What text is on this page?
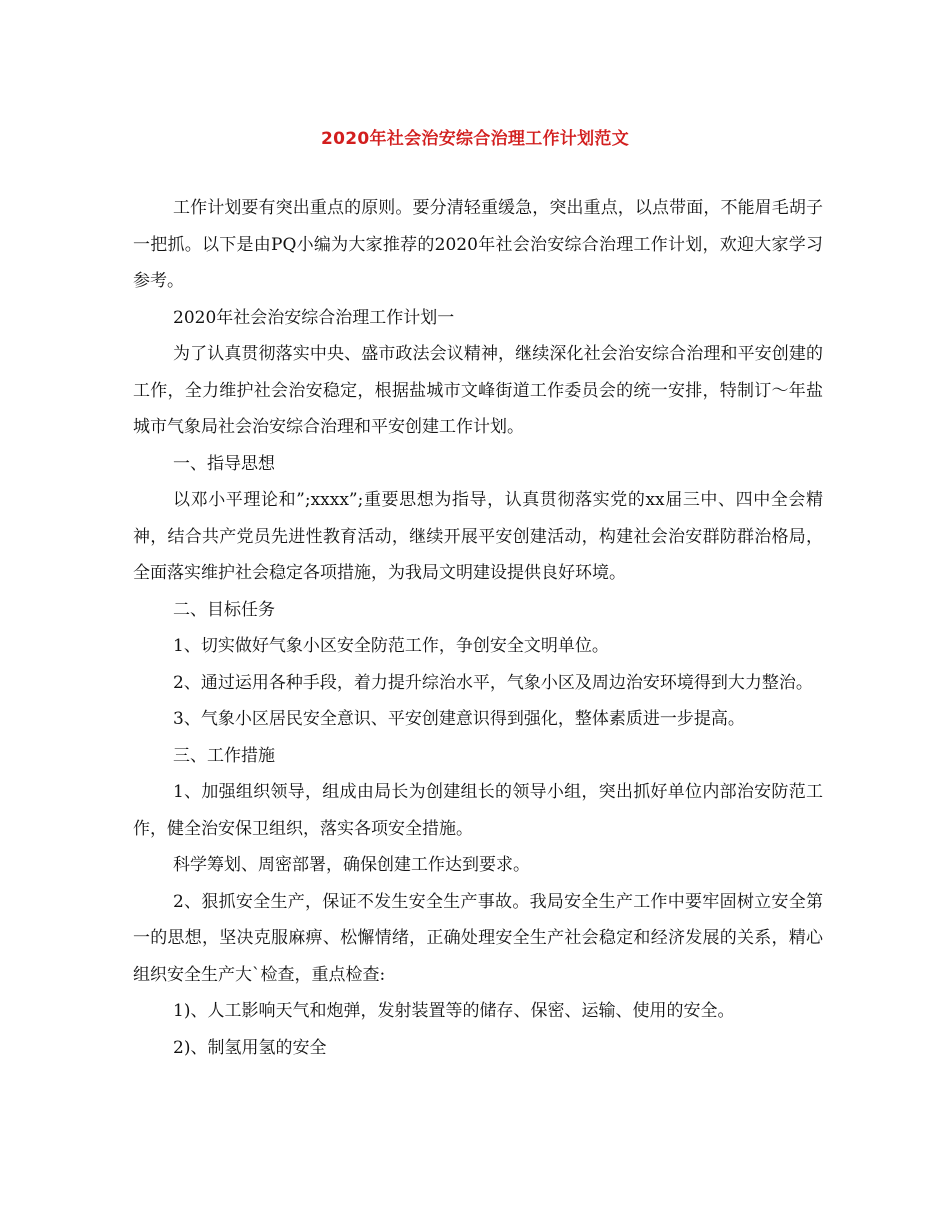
2020年社会治安综合治理工作计划范文

工作计划要有突出重点的原则。要分清轻重缓急，突出重点，以点带面，不能眉毛胡子一把抓。以下是由PQ小编为大家推荐的2020年社会治安综合治理工作计划，欢迎大家学习参考。

2020年社会治安综合治理工作计划一

为了认真贯彻落实中央、盛市政法会议精神，继续深化社会治安综合治理和平安创建的工作，全力维护社会治安稳定，根据盐城市文峰街道工作委员会的统一安排，特制订～年盐城市气象局社会治安综合治理和平安创建工作计划。

一、指导思想

以邓小平理论和”;xxxx”;重要思想为指导，认真贯彻落实党的xx届三中、四中全会精神，结合共产党员先进性教育活动，继续开展平安创建活动，构建社会治安群防群治格局，全面落实维护社会稳定各项措施，为我局文明建设提供良好环境。

二、目标任务

1、切实做好气象小区安全防范工作，争创安全文明单位。

2、通过运用各种手段，着力提升综治水平，气象小区及周边治安环境得到大力整治。

3、气象小区居民安全意识、平安创建意识得到强化，整体素质进一步提高。

三、工作措施

1、加强组织领导，组成由局长为创建组长的领导小组，突出抓好单位内部治安防范工作，健全治安保卫组织，落实各项安全措施。

科学筹划、周密部署，确保创建工作达到要求。

2、狠抓安全生产，保证不发生安全生产事故。我局安全生产工作中要牢固树立安全第一的思想，坚决克服麻痹、松懈情绪，正确处理安全生产社会稳定和经济发展的关系，精心组织安全生产大`检查，重点检查:

1)、人工影响天气和炮弹，发射装置等的储存、保密、运输、使用的安全。

2)、制氢用氢的安全
